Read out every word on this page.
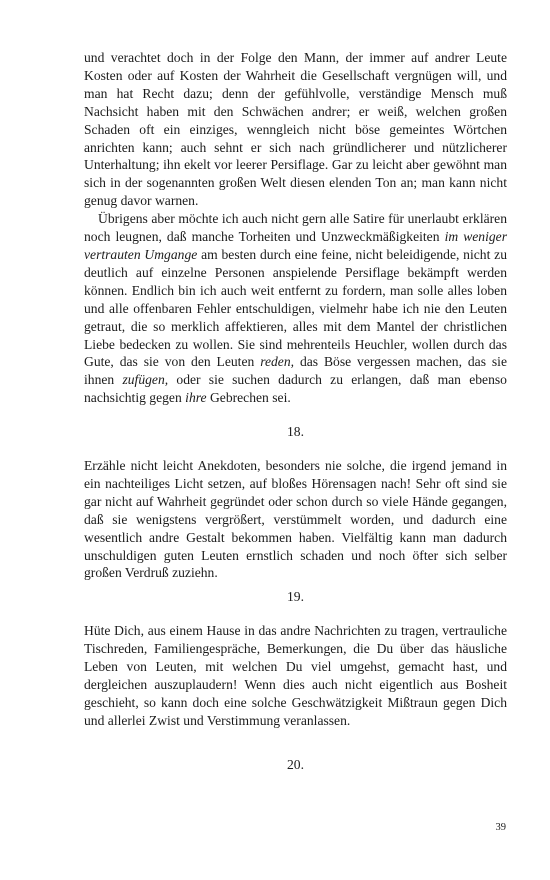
und verachtet doch in der Folge den Mann, der immer auf andrer Leute Kosten oder auf Kosten der Wahrheit die Gesellschaft vergnügen will, und man hat Recht dazu; denn der gefühlvolle, verständige Mensch muß Nachsicht haben mit den Schwächen andrer; er weiß, welchen großen Schaden oft ein einziges, wenngleich nicht böse gemeintes Wörtchen anrichten kann; auch sehnt er sich nach gründlicherer und nützlicherer Unterhaltung; ihn ekelt vor leerer Persiflage. Gar zu leicht aber gewöhnt man sich in der sogenannten großen Welt diesen elenden Ton an; man kann nicht genug davor warnen.

Übrigens aber möchte ich auch nicht gern alle Satire für unerlaubt erklären noch leugnen, daß manche Torheiten und Unzweckmäßigkeiten im weniger vertrauten Umgange am besten durch eine feine, nicht beleidigende, nicht zu deutlich auf einzelne Personen anspielende Persiflage bekämpft werden können. Endlich bin ich auch weit entfernt zu fordern, man solle alles loben und alle offenbaren Fehler entschuldigen, vielmehr habe ich nie den Leuten getraut, die so merklich affektieren, alles mit dem Mantel der christlichen Liebe bedecken zu wollen. Sie sind mehrenteils Heuchler, wollen durch das Gute, das sie von den Leuten reden, das Böse vergessen machen, das sie ihnen zufügen, oder sie suchen dadurch zu erlangen, daß man ebenso nachsichtig gegen ihre Gebrechen sei.

18.

Erzähle nicht leicht Anekdoten, besonders nie solche, die irgend jemand in ein nachteiliges Licht setzen, auf bloßes Hörensagen nach! Sehr oft sind sie gar nicht auf Wahrheit gegründet oder schon durch so viele Hände gegangen, daß sie wenigstens vergrößert, verstümmelt worden, und dadurch eine wesentlich andre Gestalt bekommen haben. Vielfältig kann man dadurch unschuldigen guten Leuten ernstlich schaden und noch öfter sich selber großen Verdruß zuziehn.

19.

Hüte Dich, aus einem Hause in das andre Nachrichten zu tragen, vertrauliche Tischreden, Familiengespräche, Bemerkungen, die Du über das häusliche Leben von Leuten, mit welchen Du viel umgehst, gemacht hast, und dergleichen auszuplaudern! Wenn dies auch nicht eigentlich aus Bosheit geschieht, so kann doch eine solche Geschwätzigkeit Mißtraun gegen Dich und allerlei Zwist und Verstimmung veranlassen.

20.
39
